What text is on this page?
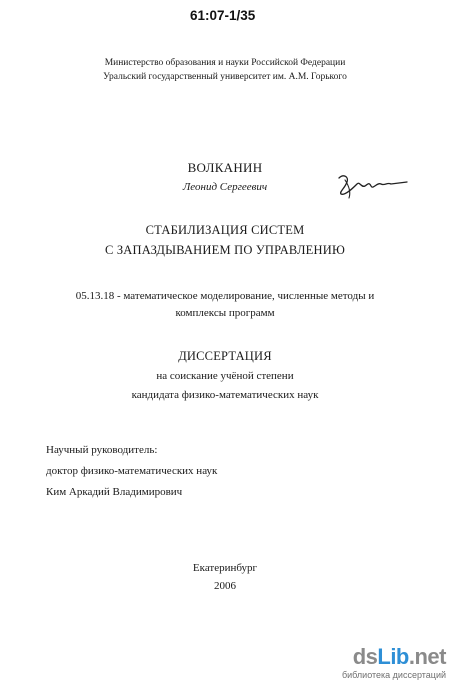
61:07-1/35
Министерство образования и науки Российской Федерации
Уральский государственный университет им. А.М. Горького
ВОЛКАНИН
Леонид Сергеевич
СТАБИЛИЗАЦИЯ СИСТЕМ
С ЗАПАЗДЫВАНИЕМ ПО УПРАВЛЕНИЮ
05.13.18 - математическое моделирование, численные методы и
комплексы программ
ДИССЕРТАЦИЯ
на соискание учёной степени
кандидата физико-математических наук
Научный руководитель:
доктор физико-математических наук
Ким Аркадий Владимирович
Екатеринбург
2006
dsLib.net
библиотека диссертаций
